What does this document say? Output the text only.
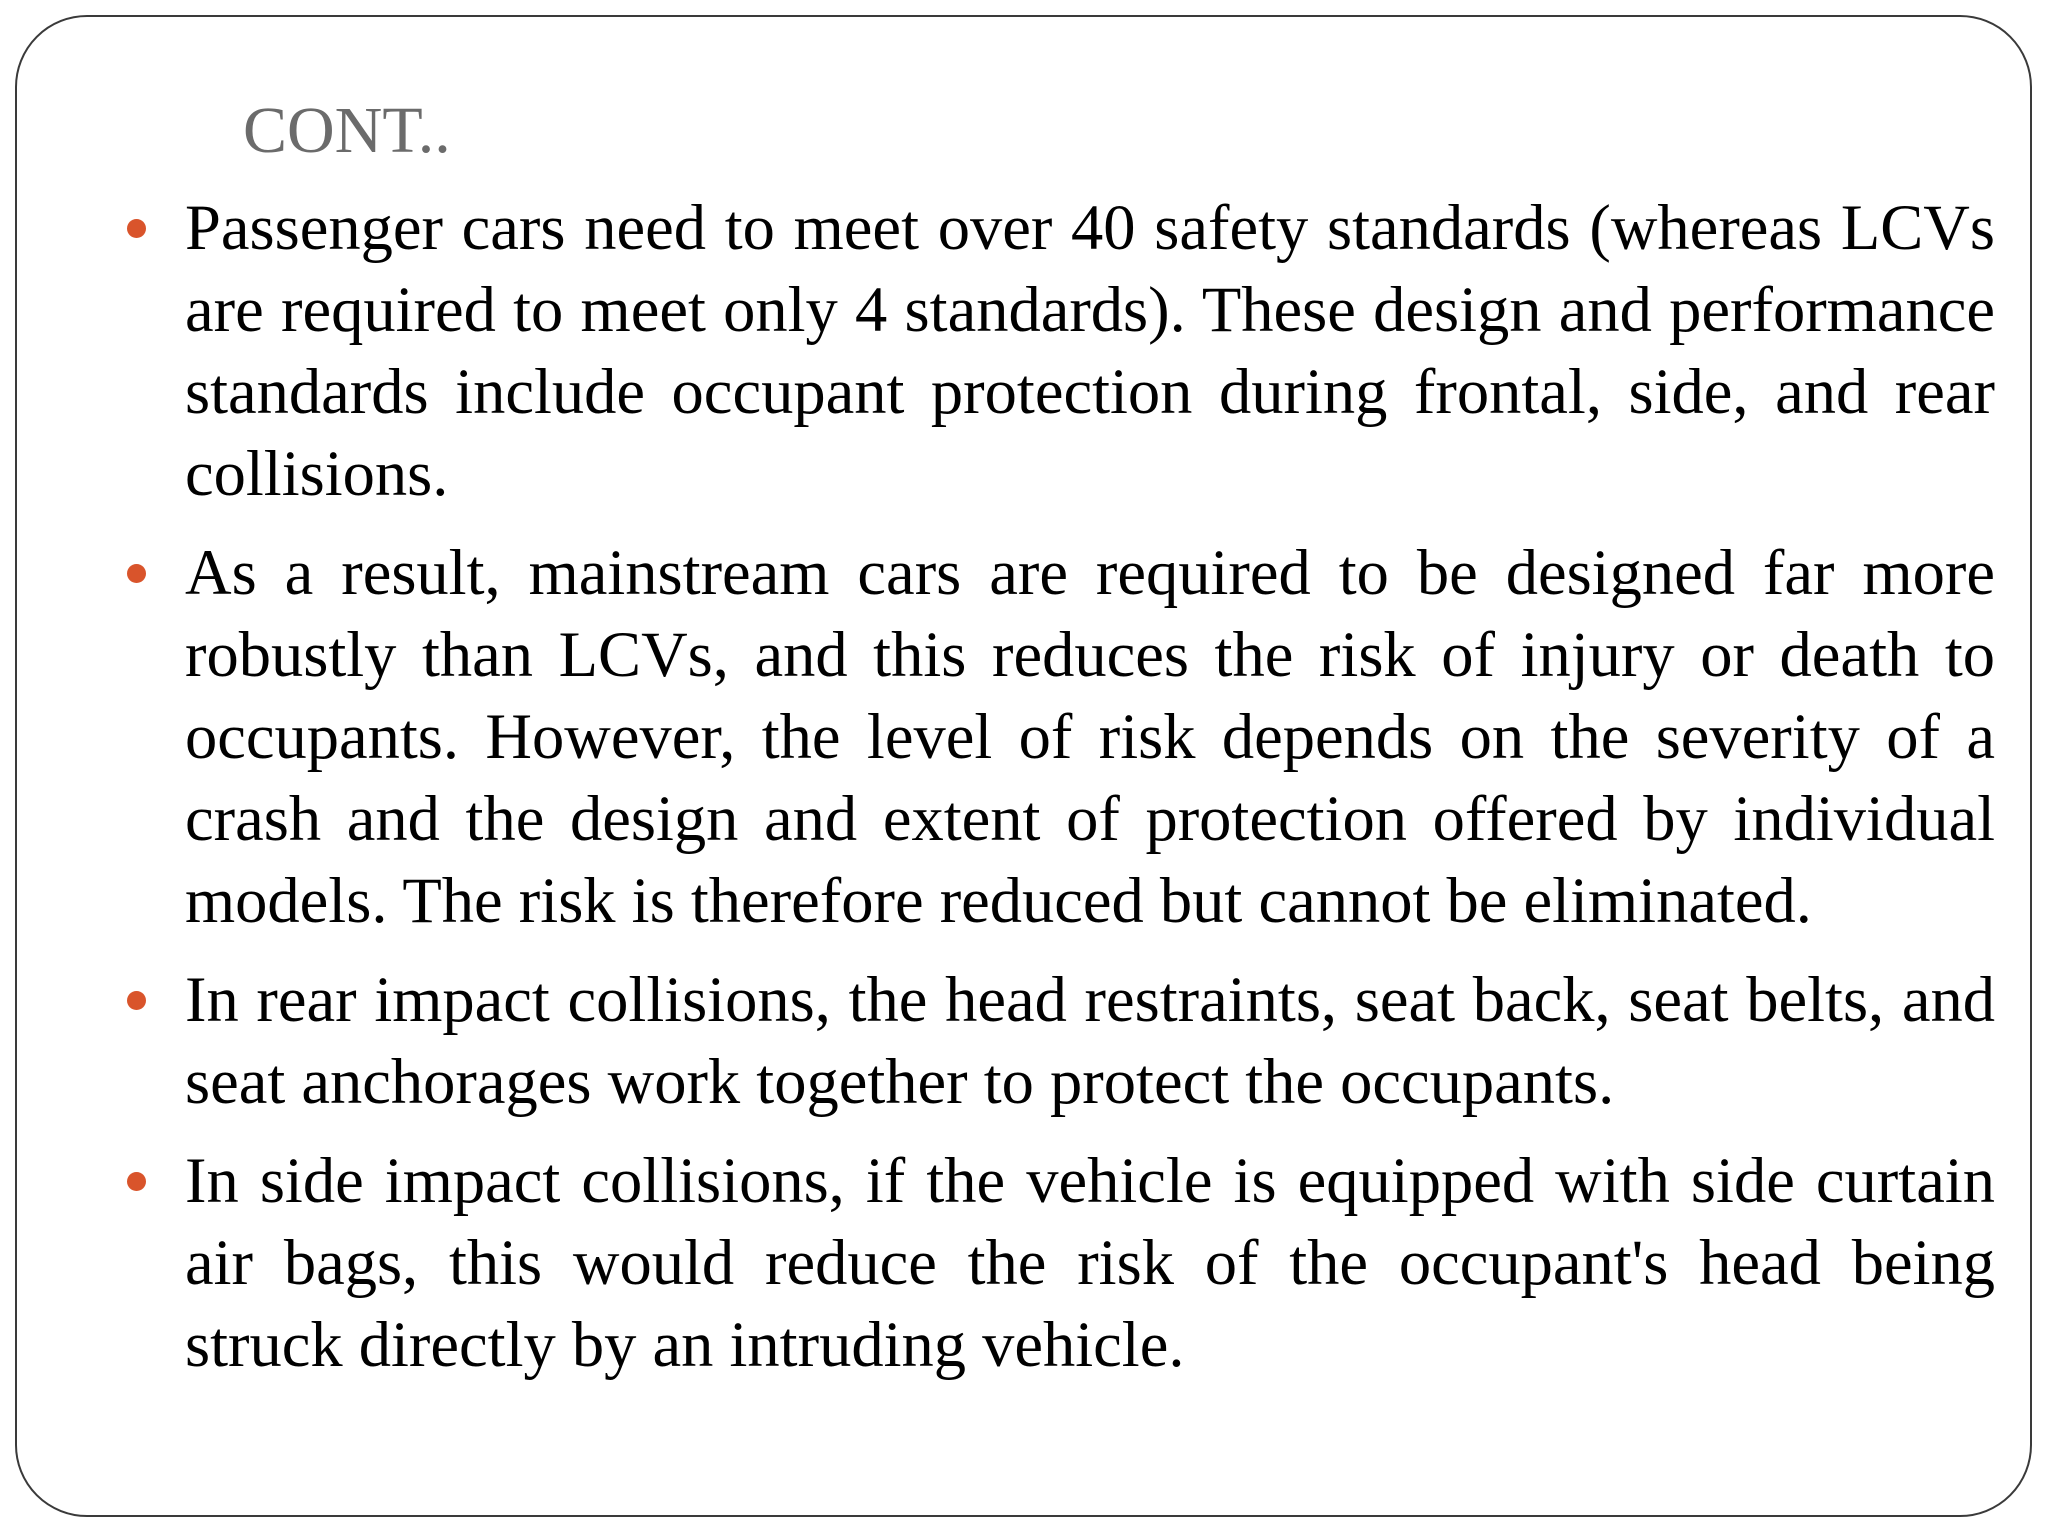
CONT..
Passenger cars need to meet over 40 safety standards (whereas LCVs are required to meet only 4 standards). These design and performance standards include occupant protection during frontal, side, and rear collisions.
As a result, mainstream cars are required to be designed far more robustly than LCVs, and this reduces the risk of injury or death to occupants. However, the level of risk depends on the severity of a crash and the design and extent of protection offered by individual models. The risk is therefore reduced but cannot be eliminated.
In rear impact collisions, the head restraints, seat back, seat belts, and seat anchorages work together to protect the occupants.
In side impact collisions, if the vehicle is equipped with side curtain air bags, this would reduce the risk of the occupant's head being struck directly by an intruding vehicle.
